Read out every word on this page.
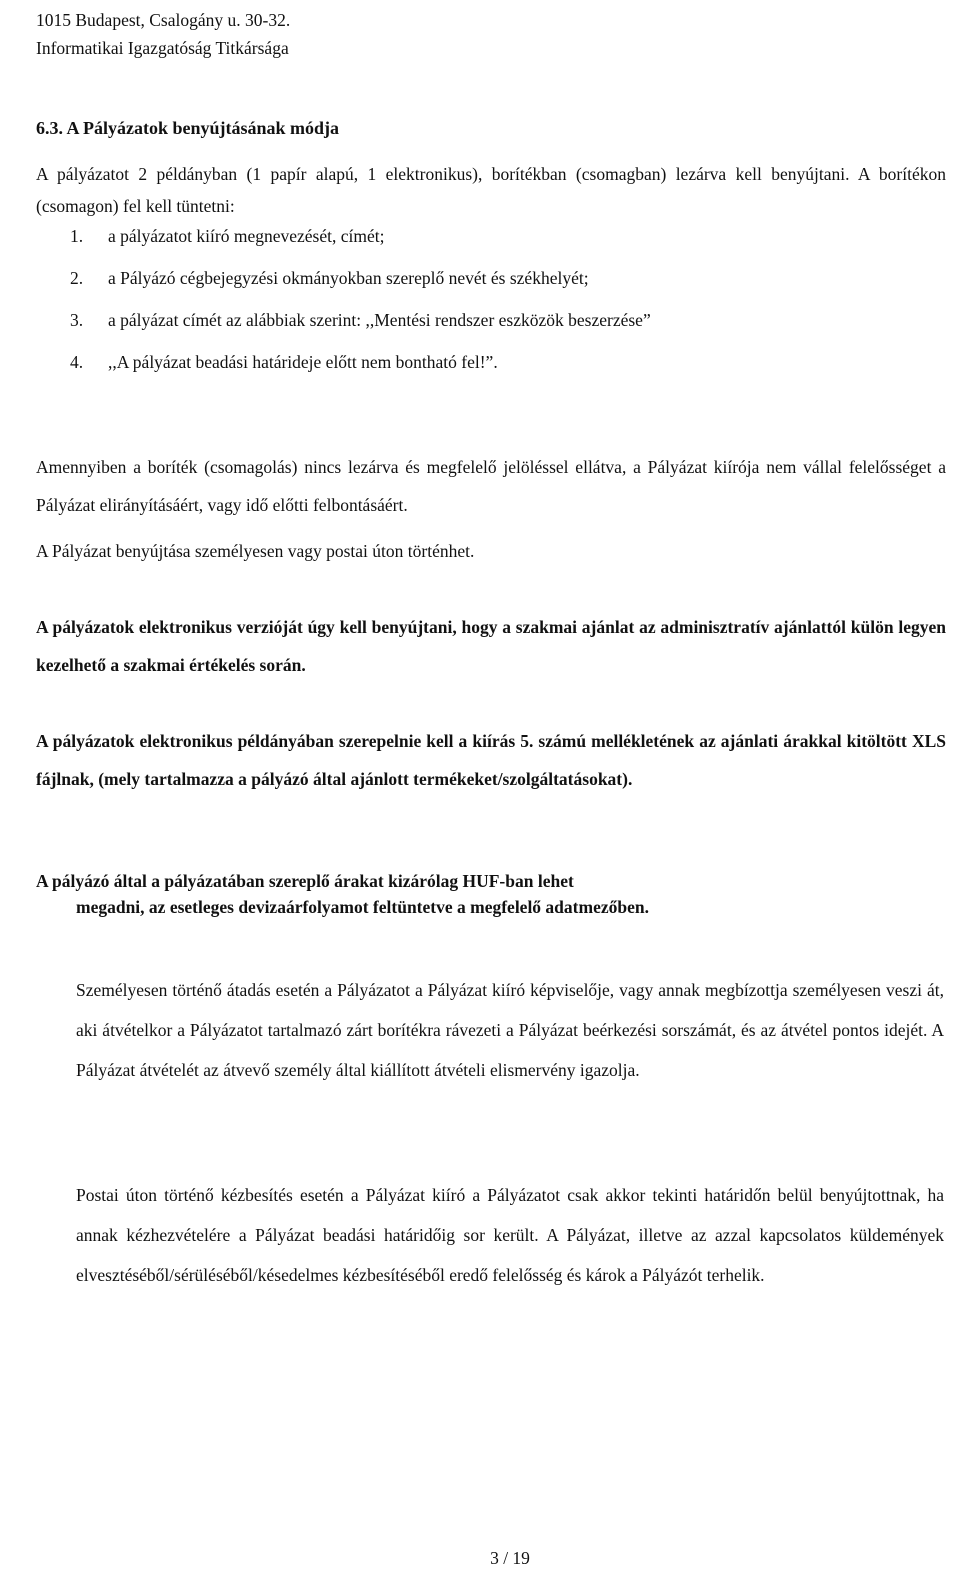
1015 Budapest, Csalogány u. 30-32.
Informatikai Igazgatóság Titkársága
6.3. A Pályázatok benyújtásának módja
A pályázatot 2 példányban (1 papír alapú, 1 elektronikus), borítékban (csomagban) lezárva kell benyújtani. A borítékon (csomagon) fel kell tüntetni:
1. a pályázatot kiíró megnevezését, címét;
2. a Pályázó cégbejegyzési okmányokban szereplő nevét és székhelyét;
3. a pályázat címét az alábbiak szerint: ,,Mentési rendszer eszközök beszerzése”
4. ,,A pályázat beadási határideje előtt nem bontható fel!”.
Amennyiben a boríték (csomagolás) nincs lezárva és megfelelő jelöléssel ellátva, a Pályázat kiírója nem vállal felelősséget a Pályázat elirányításáért, vagy idő előtti felbontásáért.
A Pályázat benyújtása személyesen vagy postai úton történhet.
A pályázatok elektronikus verzióját úgy kell benyújtani, hogy a szakmai ajánlat az adminisztratív ajánlattól külön legyen kezelhető a szakmai értékelés során.
A pályázatok elektronikus példányában szerepelnie kell a kiírás 5. számú mellékletének az ajánlati árakkal kitöltött XLS fájlnak, (mely tartalmazza a pályázó által ajánlott termékeket/szolgáltatásokat).
A pályázó által a pályázatában szereplő árakat kizárólag HUF-ban lehet
megadni, az esetleges devizaárfolyamot feltüntetve a megfelelő adatmezőben.
Személyesen történő átadás esetén a Pályázatot a Pályázat kiíró képviselője, vagy annak megbízottja személyesen veszi át, aki átvételkor a Pályázatot tartalmazó zárt borítékra rávezeti a Pályázat beérkezési sorszámát, és az átvétel pontos idejét. A Pályázat átvételét az átvevő személy által kiállított átvételi elismervény igazolja.
Postai úton történő kézbesítés esetén a Pályázat kiíró a Pályázatot csak akkor tekinti határidőn belül benyújtottnak, ha annak kézhezvételére a Pályázat beadási határidőig sor került. A Pályázat, illetve az azzal kapcsolatos küldemények elvesztéséből/sérüléséből/késedelmes kézbesítéséből eredő felelősség és károk a Pályázót terhelik.
3 / 19
